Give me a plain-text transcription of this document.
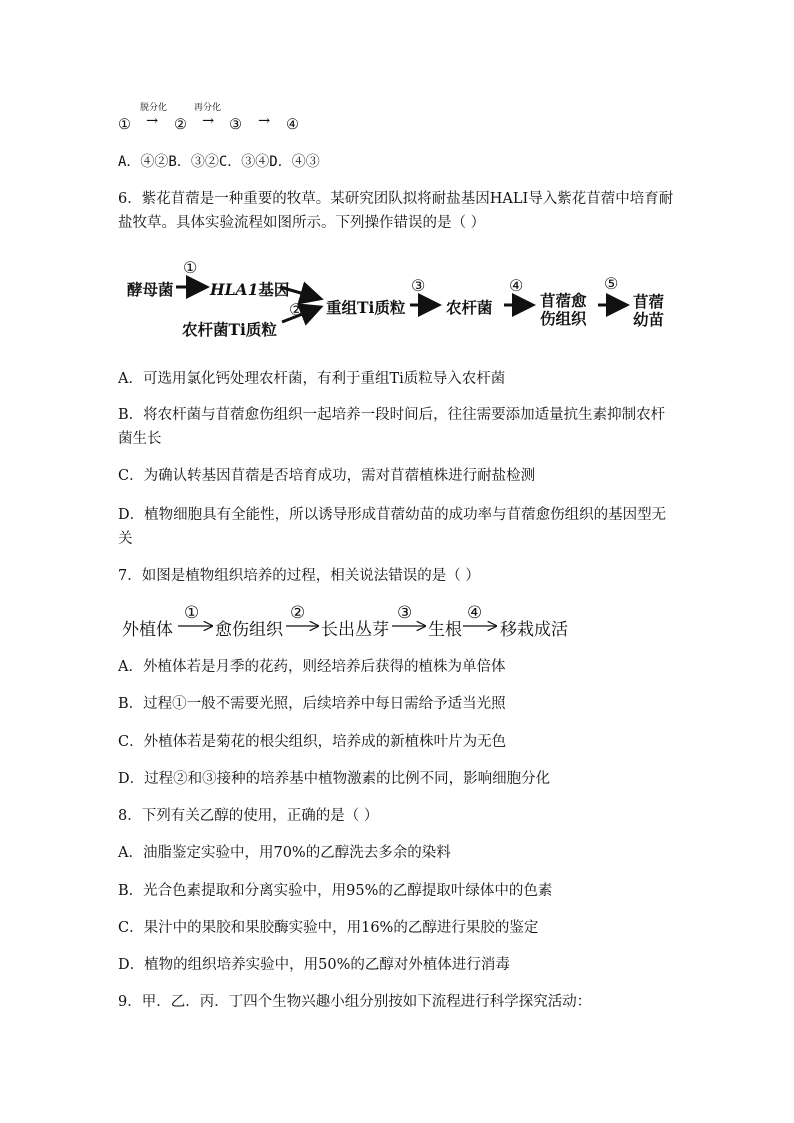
脱分化	再分化
① → ② → ③ → ④
A．④②B．③②C．③④D．④③
6．紫花苜蓿是一种重要的牧草。某研究团队拟将耐盐基因HALI导入紫花苜蓿中培育耐
盐牧草。具体实验流程如图所示。下列操作错误的是（ ）
酵母菌
①
HLA1基因
②
农杆菌Ti质粒
重组Ti质粒
③
农杆菌
④
苜蓿愈
伤组织
⑤
苜蓿
幼苗
A．可选用氯化钙处理农杆菌，有利于重组Ti质粒导入农杆菌
B．将农杆菌与苜蓿愈伤组织一起培养一段时间后，往往需要添加适量抗生素抑制农杆
菌生长
C．为确认转基因苜蓿是否培育成功，需对苜蓿植株进行耐盐检测
D．植物细胞具有全能性，所以诱导形成苜蓿幼苗的成功率与苜蓿愈伤组织的基因型无
关
7．如图是植物组织培养的过程，相关说法错误的是（ ）
外植体
①
愈伤组织
②
长出丛芽
③
生根
④
移栽成活
A．外植体若是月季的花药，则经培养后获得的植株为单倍体
B．过程①一般不需要光照，后续培养中每日需给予适当光照
C．外植体若是菊花的根尖组织，培养成的新植株叶片为无色
D．过程②和③接种的培养基中植物激素的比例不同，影响细胞分化
8．下列有关乙醇的使用，正确的是（ ）
A．油脂鉴定实验中，用70%的乙醇洗去多余的染料
B．光合色素提取和分离实验中，用95%的乙醇提取叶绿体中的色素
C．果汁中的果胶和果胶酶实验中，用16%的乙醇进行果胶的鉴定
D．植物的组织培养实验中，用50%的乙醇对外植体进行消毒
9．甲．乙．丙．丁四个生物兴趣小组分别按如下流程进行科学探究活动：
